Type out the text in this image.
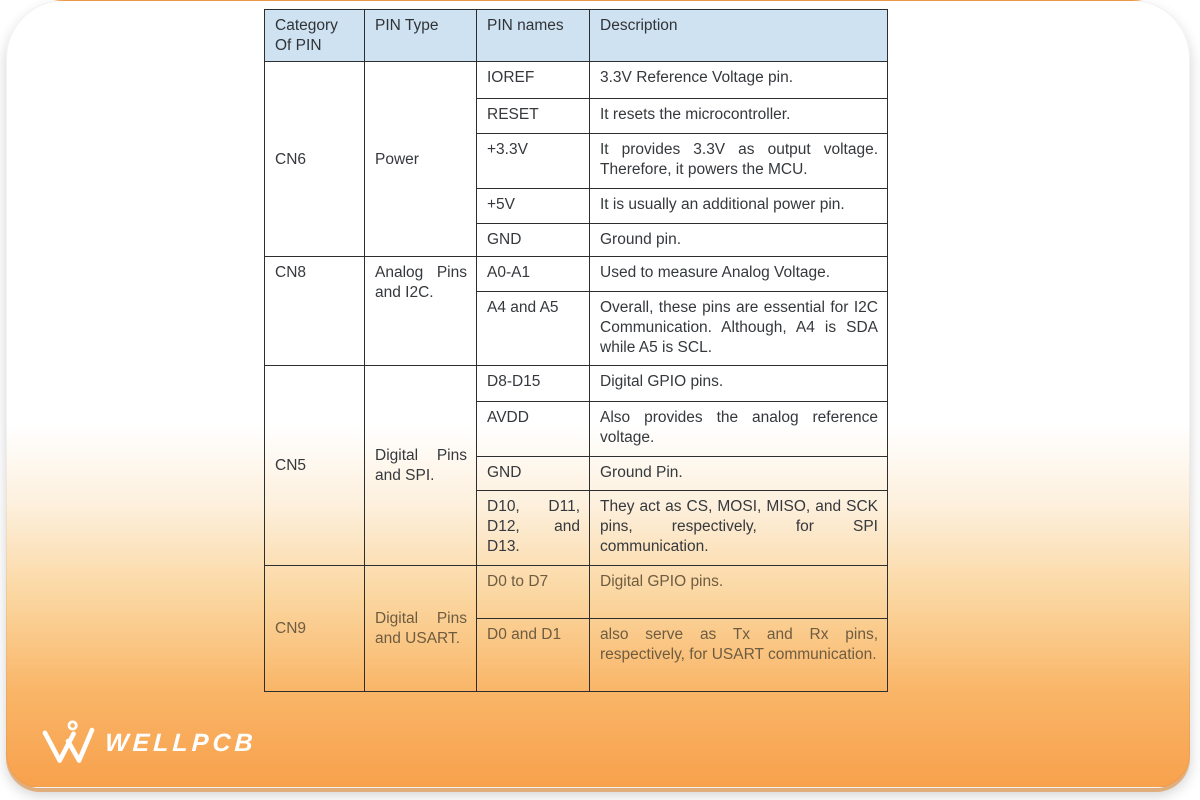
Category Of PIN	PIN Type	PIN names	Description
CN6	Power	IOREF	3.3V Reference Voltage pin.
		RESET	It resets the microcontroller.
		+3.3V	It provides 3.3V as output voltage. Therefore, it powers the MCU.
		+5V	It is usually an additional power pin.
		GND	Ground pin.
CN8	Analog Pins and I2C.	A0-A1	Used to measure Analog Voltage.
		A4 and A5	Overall, these pins are essential for I2C Communication. Although, A4 is SDA while A5 is SCL.
CN5	Digital Pins and SPI.	D8-D15	Digital GPIO pins.
		AVDD	Also provides the analog reference voltage.
		GND	Ground Pin.
		D10, D11, D12, and D13.	They act as CS, MOSI, MISO, and SCK pins, respectively, for SPI communication.
CN9	Digital Pins and USART.	D0 to D7	Digital GPIO pins.
		D0 and D1	also serve as Tx and Rx pins, respectively, for USART communication.
WELLPCB
